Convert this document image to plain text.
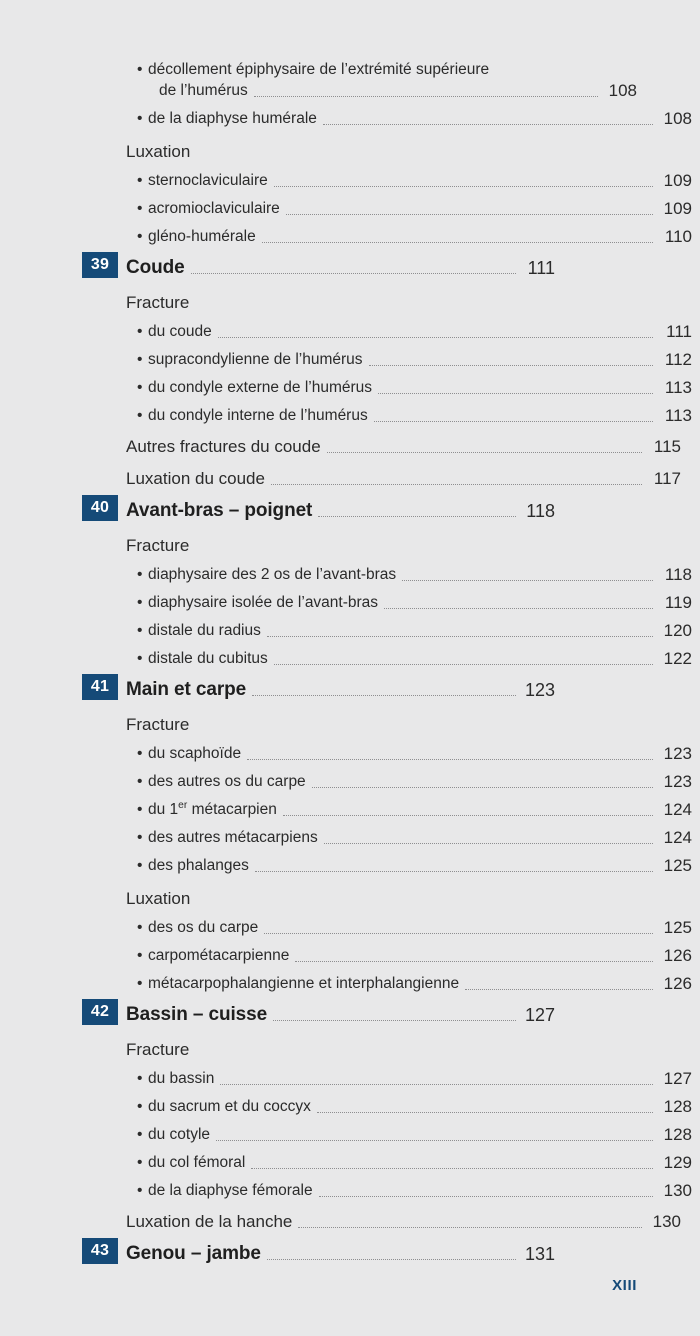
• décollement épiphysaire de l’extrémité supérieure
de l’humérus	108
• de la diaphyse humérale	108
Luxation
• sternoclaviculaire	109
• acromioclaviculaire	109
• gléno-humérale	110
39 Coude	111
Fracture
• du coude	111
• supracondylienne de l’humérus	112
• du condyle externe de l’humérus	113
• du condyle interne de l’humérus	113
Autres fractures du coude	115
Luxation du coude	117
40 Avant-bras – poignet	118
Fracture
• diaphysaire des 2 os de l’avant-bras	118
• diaphysaire isolée de l’avant-bras	119
• distale du radius	120
• distale du cubitus	122
41 Main et carpe	123
Fracture
• du scaphoïde	123
• des autres os du carpe	123
• du 1er métacarpien	124
• des autres métacarpiens	124
• des phalanges	125
Luxation
• des os du carpe	125
• carpométacarpienne	126
• métacarpophalangienne et interphalangienne	126
42 Bassin – cuisse	127
Fracture
• du bassin	127
• du sacrum et du coccyx	128
• du cotyle	128
• du col fémoral	129
• de la diaphyse fémorale	130
Luxation de la hanche	130
43 Genou – jambe	131
XIII
